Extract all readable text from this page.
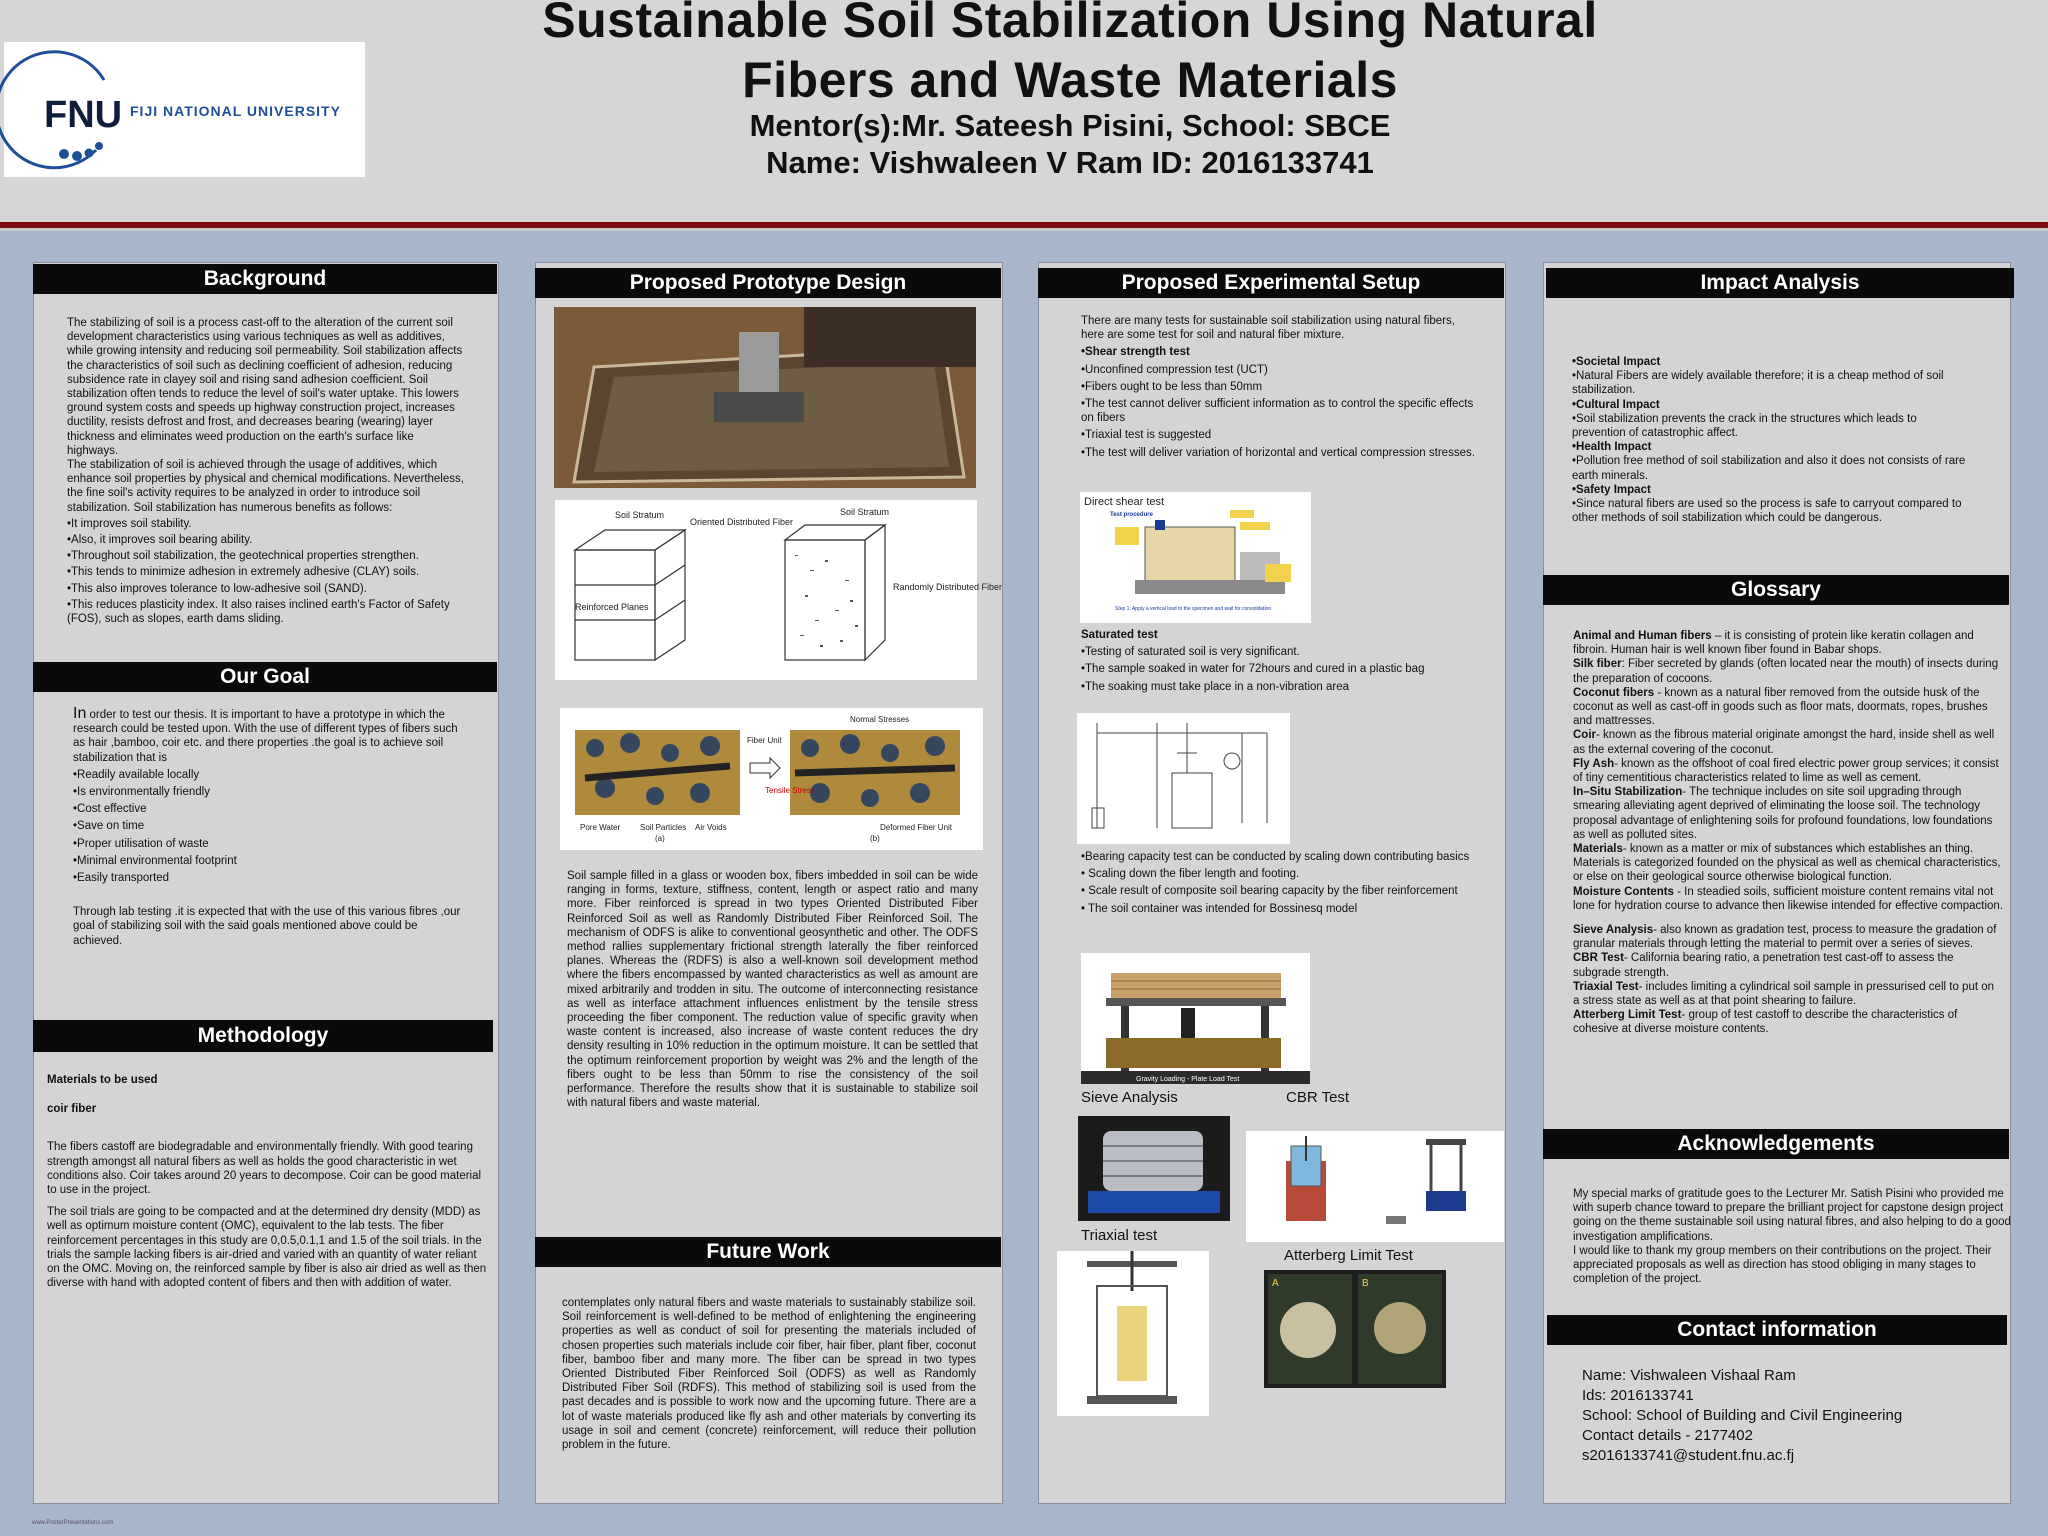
FNU FIJI NATIONAL UNIVERSITY
Sustainable Soil Stabilization Using Natural
Fibers and Waste Materials
Mentor(s):Mr. Sateesh Pisini, School: SBCE
Name: Vishwaleen V Ram ID: 2016133741
Background

The stabilizing of soil is a process cast-off to the alteration of the current soil development characteristics using various techniques as well as additives, while growing intensity and reducing soil permeability. Soil stabilization affects the characteristics of soil such as declining coefficient of adhesion, reducing subsidence rate in clayey soil and rising sand adhesion coefficient. Soil stabilization often tends to reduce the level of soil's water uptake. This lowers ground system costs and speeds up highway construction project, increases ductility, resists defrost and frost, and decreases bearing (wearing) layer thickness and eliminates weed production on the earth's surface like highways.

The stabilization of soil is achieved through the usage of additives, which enhance soil properties by physical and chemical modifications. Nevertheless, the fine soil's activity requires to be analyzed in order to introduce soil stabilization. Soil stabilization has numerous benefits as follows:

•It improves soil stability.

•Also, it improves soil bearing ability.

•Throughout soil stabilization, the geotechnical properties strengthen.

•This tends to minimize adhesion in extremely adhesive (CLAY) soils.

•This also improves tolerance to low-adhesive soil (SAND).

•This reduces plasticity index. It also raises inclined earth's Factor of Safety (FOS), such as slopes, earth dams sliding.

Our Goal

In order to test our thesis. It is important to have a prototype in which the research could be tested upon. With the use of different types of fibers such as hair ,bamboo, coir etc. and there properties .the goal is to achieve soil stabilization that is

•Readily available locally

•Is environmentally friendly

•Cost effective

•Save on time

•Proper utilisation of waste

•Minimal environmental footprint

•Easily transported

Through lab testing .it is expected that with the use of this various fibres ,our goal of stabilizing soil with the said goals mentioned above could be achieved.

Methodology

Materials to be used

coir fiber

The fibers castoff are biodegradable and environmentally friendly. With good tearing strength amongst all natural fibers as well as holds the good characteristic in wet conditions also. Coir takes around 20 years to decompose. Coir can be good material to use in the project.

The soil trials are going to be compacted and at the determined dry density (MDD) as well as optimum moisture content (OMC), equivalent to the lab tests. The fiber reinforcement percentages in this study are 0,0.5,0.1,1 and 1.5 of the soil trials. In the trials the sample lacking fibers is air-dried and varied with an quantity of water reliant on the OMC. Moving on, the reinforced sample by fiber is also air dried as well as then diverse with hand with adopted content of fibers and then with addition of water.

Proposed Prototype Design
Soil Stratum
Oriented Distributed Fiber
Reinforced Planes
Soil Stratum
Randomly Distributed Fiber
Normal Stresses
Fiber Unit
Tensile Stress
Pore Water Soil Particles Air Voids	Deformed Fiber Unit
(a)	(b)
Soil sample filled in a glass or wooden box, fibers imbedded in soil can be wide ranging in forms, texture, stiffness, content, length or aspect ratio and many more. Fiber reinforced is spread in two types Oriented Distributed Fiber Reinforced Soil as well as Randomly Distributed Fiber Reinforced Soil. The mechanism of ODFS is alike to conventional geosynthetic and other. The ODFS method rallies supplementary frictional strength laterally the fiber reinforced planes. Whereas the (RDFS) is also a well-known soil development method where the fibers encompassed by wanted characteristics as well as amount are mixed arbitrarily and trodden in situ. The outcome of interconnecting resistance as well as interface attachment influences enlistment by the tensile stress proceeding the fiber component. The reduction value of specific gravity when waste content is increased, also increase of waste content reduces the dry density resulting in 10% reduction in the optimum moisture. It can be settled that the optimum reinforcement proportion by weight was 2% and the length of the fibers ought to be less than 50mm to rise the consistency of the soil performance. Therefore the results show that it is sustainable to stabilize soil with natural fibers and waste material.
Future Work
contemplates only natural fibers and waste materials to sustainably stabilize soil. Soil reinforcement is well-defined to be method of enlightening the engineering properties as well as conduct of soil for presenting the materials included of chosen properties such materials include coir fiber, hair fiber, plant fiber, coconut fiber, bamboo fiber and many more. The fiber can be spread in two types Oriented Distributed Fiber Reinforced Soil (ODFS) as well as Randomly Distributed Fiber Soil (RDFS). This method of stabilizing soil is used from the past decades and is possible to work now and the upcoming future. There are a lot of waste materials produced like fly ash and other materials by converting its usage in soil and cement (concrete) reinforcement, will reduce their pollution problem in the future.
Proposed Experimental Setup

There are many tests for sustainable soil stabilization using natural fibers, here are some test for soil and natural fiber mixture.

•Shear strength test

•Unconfined compression test (UCT)

•Fibers ought to be less than 50mm

•The test cannot deliver sufficient information as to control the specific effects on fibers

•Triaxial test is suggested

•The test will deliver variation of horizontal and vertical compression stresses.

Direct shear test
Test procedure
Step 1: Apply a vertical load to the specimen and wait for consolidation

Saturated test

•Testing of saturated soil is very significant.

•The sample soaked in water for 72hours and cured in a plastic bag

•The soaking must take place in a non-vibration area

•Bearing capacity test can be conducted by scaling down contributing basics

• Scaling down the fiber length and footing.

• Scale result of composite soil bearing capacity by the fiber reinforcement

• The soil container was intended for Bossinesq model

Gravity Loading - Plate Load Test
Sieve Analysis	CBR Test
Triaxial test
Atterberg Limit Test
A	B
Impact Analysis

•Societal Impact

•Natural Fibers are widely available therefore; it is a cheap method of soil stabilization.

•Cultural Impact

•Soil stabilization prevents the crack in the structures which leads to prevention of catastrophic affect.

•Health Impact

•Pollution free method of soil stabilization and also it does not consists of rare earth minerals.

•Safety Impact

•Since natural fibers are used so the process is safe to carryout compared to other methods of soil stabilization which could be dangerous.

Glossary

Animal and Human fibers – it is consisting of protein like keratin collagen and fibroin. Human hair is well known fiber found in Babar shops.

Silk fiber: Fiber secreted by glands (often located near the mouth) of insects during the preparation of cocoons.

Coconut fibers - known as a natural fiber removed from the outside husk of the coconut as well as cast-off in goods such as floor mats, doormats, ropes, brushes and mattresses.

Coir- known as the fibrous material originate amongst the hard, inside shell as well as the external covering of the coconut.

Fly Ash- known as the offshoot of coal fired electric power group services; it consist of tiny cementitious characteristics related to lime as well as cement.

In–Situ Stabilization- The technique includes on site soil upgrading through smearing alleviating agent deprived of eliminating the loose soil. The technology proposal advantage of enlightening soils for profound foundations, low foundations as well as polluted sites.

Materials- known as a matter or mix of substances which establishes an thing. Materials is categorized founded on the physical as well as chemical characteristics, or else on their geological source otherwise biological function.

Moisture Contents - In steadied soils, sufficient moisture content remains vital not lone for hydration course to advance then likewise intended for effective compaction.

Sieve Analysis- also known as gradation test, process to measure the gradation of granular materials through letting the material to permit over a series of sieves.

CBR Test- California bearing ratio, a penetration test cast-off to assess the subgrade strength.

Triaxial Test- includes limiting a cylindrical soil sample in pressurised cell to put on a stress state as well as at that point shearing to failure.

Atterberg Limit Test- group of test castoff to describe the characteristics of cohesive at diverse moisture contents.

Acknowledgements

My special marks of gratitude goes to the Lecturer Mr. Satish Pisini who provided me with superb chance toward to prepare the brilliant project for capstone design project going on the theme sustainable soil using natural fibres, and also helping to do a good investigation amplifications.

I would like to thank my group members on their contributions on the project. Their appreciated proposals as well as direction has stood obliging in many stages to completion of the project.

Contact information

Name: Vishwaleen Vishaal Ram

Ids: 2016133741

School: School of Building and Civil Engineering

Contact details - 2177402

s2016133741@student.fnu.ac.fj

www.PosterPresentations.com
